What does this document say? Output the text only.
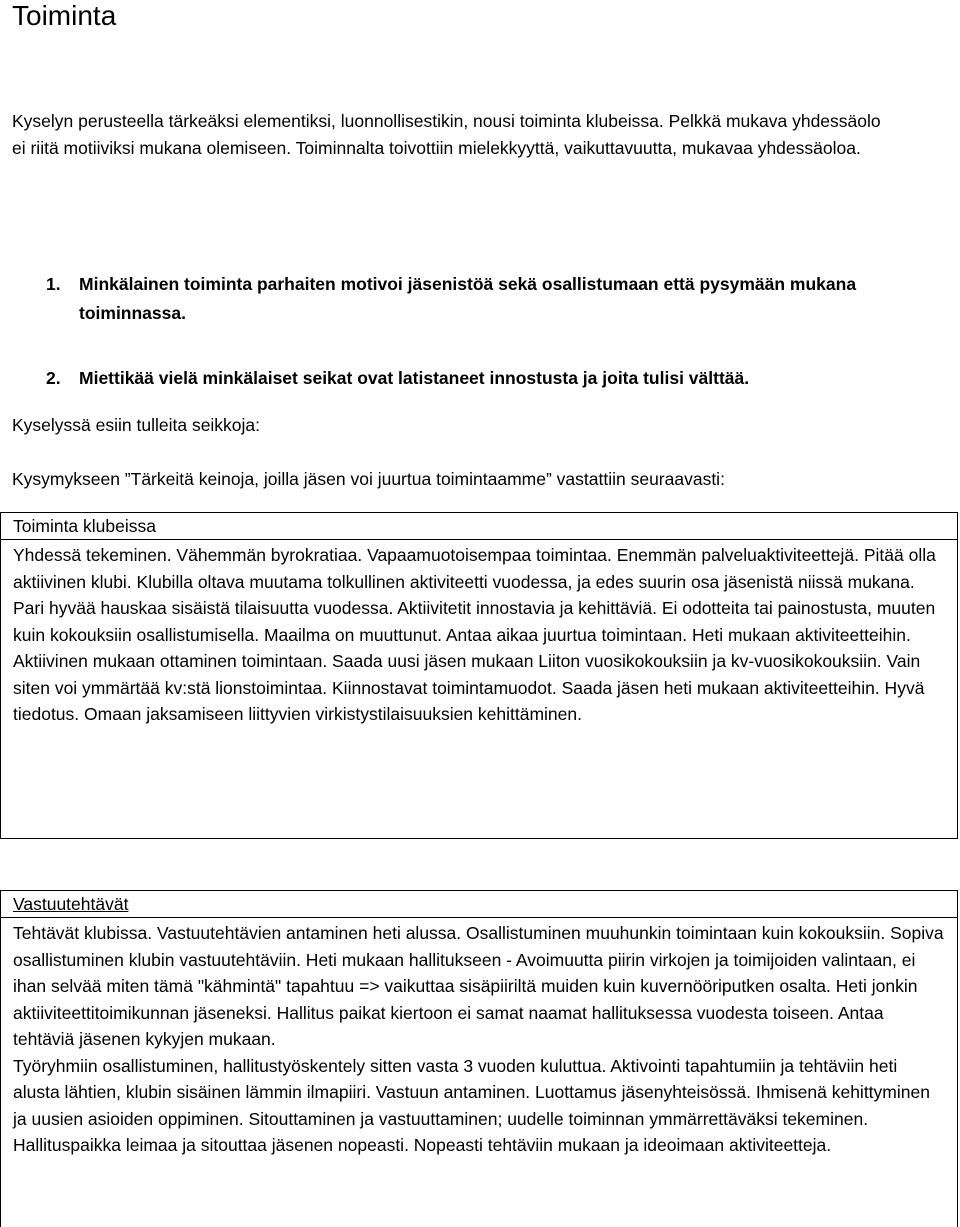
Toiminta

Kyselyn perusteella tärkeäksi elementiksi, luonnollisestikin, nousi toiminta klubeissa. Pelkkä mukava yhdessäolo ei riitä motiiviksi mukana olemiseen. Toiminnalta toivottiin mielekkyyttä, vaikuttavuutta, mukavaa yhdessäoloa.

1. Minkälainen toiminta parhaiten motivoi jäsenistöä sekä osallistumaan että pysymään mukana toiminnassa.
2. Miettikää vielä minkälaiset seikat ovat latistaneet innostusta ja joita tulisi välttää.

Kyselyssä esiin tulleita seikkoja:

Kysymykseen ”Tärkeitä keinoja, joilla jäsen voi juurtua toimintaamme” vastattiin seuraavasti:

Toiminta klubeissa

Yhdessä tekeminen. Vähemmän byrokratiaa. Vapaamuotoisempaa toimintaa. Enemmän palveluaktiviteettejä. Pitää olla aktiivinen klubi. Klubilla oltava muutama tolkullinen aktiviteetti vuodessa, ja edes suurin osa jäsenistä niissä mukana. Pari hyvää hauskaa sisäistä tilaisuutta vuodessa. Aktiivitetit innostavia ja kehittäviä. Ei odotteita tai painostusta, muuten kuin kokouksiin osallistumisella. Maailma on muuttunut. Antaa aikaa juurtua toimintaan. Heti mukaan aktiviteetteihin. Aktiivinen mukaan ottaminen toimintaan. Saada uusi jäsen mukaan Liiton vuosikokouksiin ja kv-vuosikokouksiin. Vain siten voi ymmärtää kv:stä lionstoimintaa. Kiinnostavat toimintamuodot. Saada jäsen heti mukaan aktiviteetteihin. Hyvä tiedotus. Omaan jaksamiseen liittyvien virkistystilaisuuksien kehittäminen.

Vastuutehtävät

Tehtävät klubissa. Vastuutehtävien antaminen heti alussa. Osallistuminen muuhunkin toimintaan kuin kokouksiin. Sopiva osallistuminen klubin vastuutehtäviin. Heti mukaan hallitukseen - Avoimuutta piirin virkojen ja toimijoiden valintaan, ei ihan selvää miten tämä "kähmintä" tapahtuu => vaikuttaa sisäpiiriltä muiden kuin kuvernööriputken osalta. Heti jonkin aktiiviteettitoimikunnan jäseneksi. Hallitus paikat kiertoon ei samat naamat hallituksessa vuodesta toiseen. Antaa tehtäviä jäsenen kykyjen mukaan.

Työryhmiin osallistuminen, hallitustyöskentely sitten vasta 3 vuoden kuluttua. Aktivointi tapahtumiin ja tehtäviin heti alusta lähtien, klubin sisäinen lämmin ilmapiiri. Vastuun antaminen. Luottamus jäsenyhteisössä. Ihmisenä kehittyminen ja uusien asioiden oppiminen. Sitouttaminen ja vastuuttaminen; uudelle toiminnan ymmärrettäväksi tekeminen. Hallituspaikka leimaa ja sitouttaa jäsenen nopeasti. Nopeasti tehtäviin mukaan ja ideoimaan aktiviteetteja.
